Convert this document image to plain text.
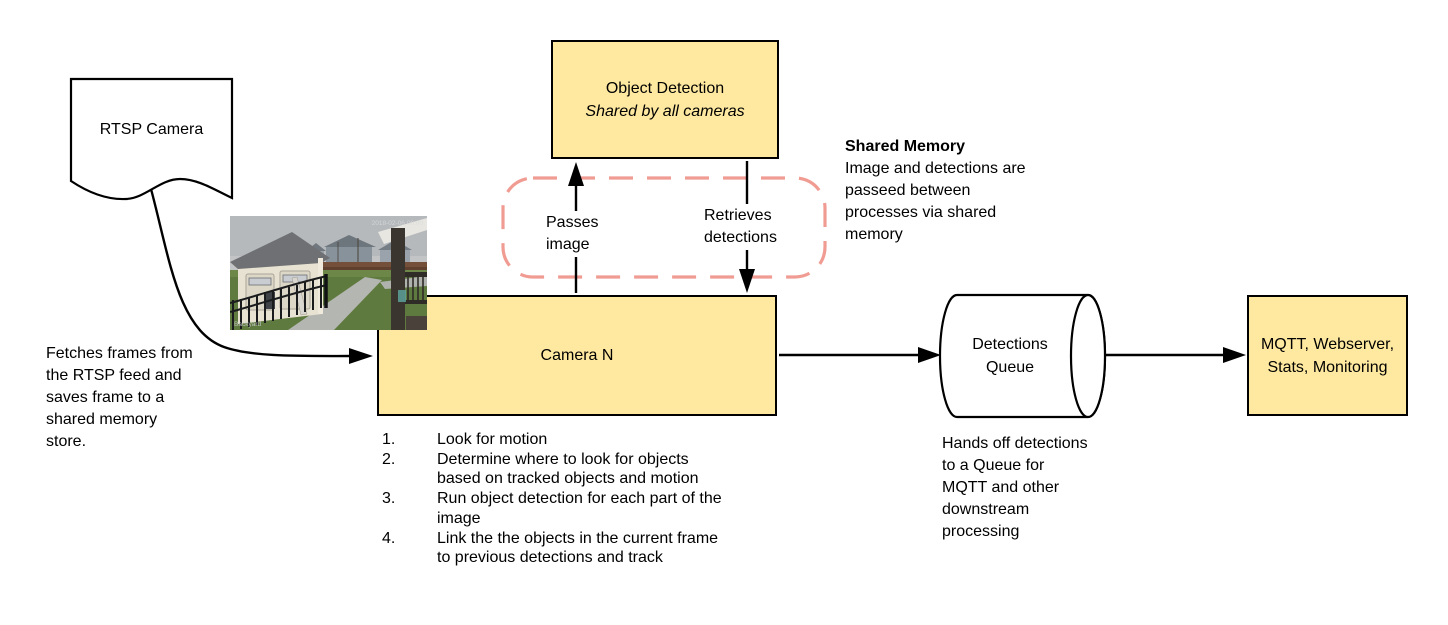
RTSP Camera
Object Detection
Shared by all cameras
Camera N
MQTT, Webserver, Stats, Monitoring
Detections Queue
2018-02-06 00:00
Backyard
Passes image
Retrieves detections
Fetches frames from
the RTSP feed and
saves frame to a
shared memory
store.
Shared Memory
Image and detections are
passeed between
processes via shared
memory
Hands off detections
to a Queue for
MQTT and other
downstream
processing
1.	Look for motion
2.	Determine where to look for objects
based on tracked objects and motion
3.	Run object detection for each part of the
image
4.	Link the the objects in the current frame
to previous detections and track
